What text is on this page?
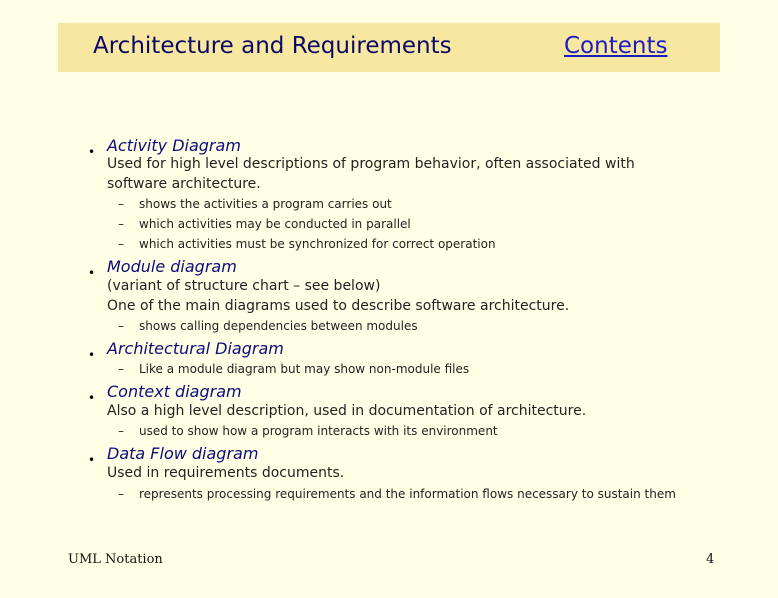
Architecture and Requirements	Contents
• Activity Diagram
Used for high level descriptions of program behavior, often associated with software architecture.
– shows the activities a program carries out
– which activities may be conducted in parallel
– which activities must be synchronized for correct operation
• Module diagram
(variant of structure chart – see below)
One of the main diagrams used to describe software architecture.
– shows calling dependencies between modules
• Architectural Diagram
– Like a module diagram but may show non-module files
• Context diagram
Also a high level description, used in documentation of architecture.
– used to show how a program interacts with its environment
• Data Flow diagram
Used in requirements documents.
– represents processing requirements and the information flows necessary to sustain them
UML Notation	4
